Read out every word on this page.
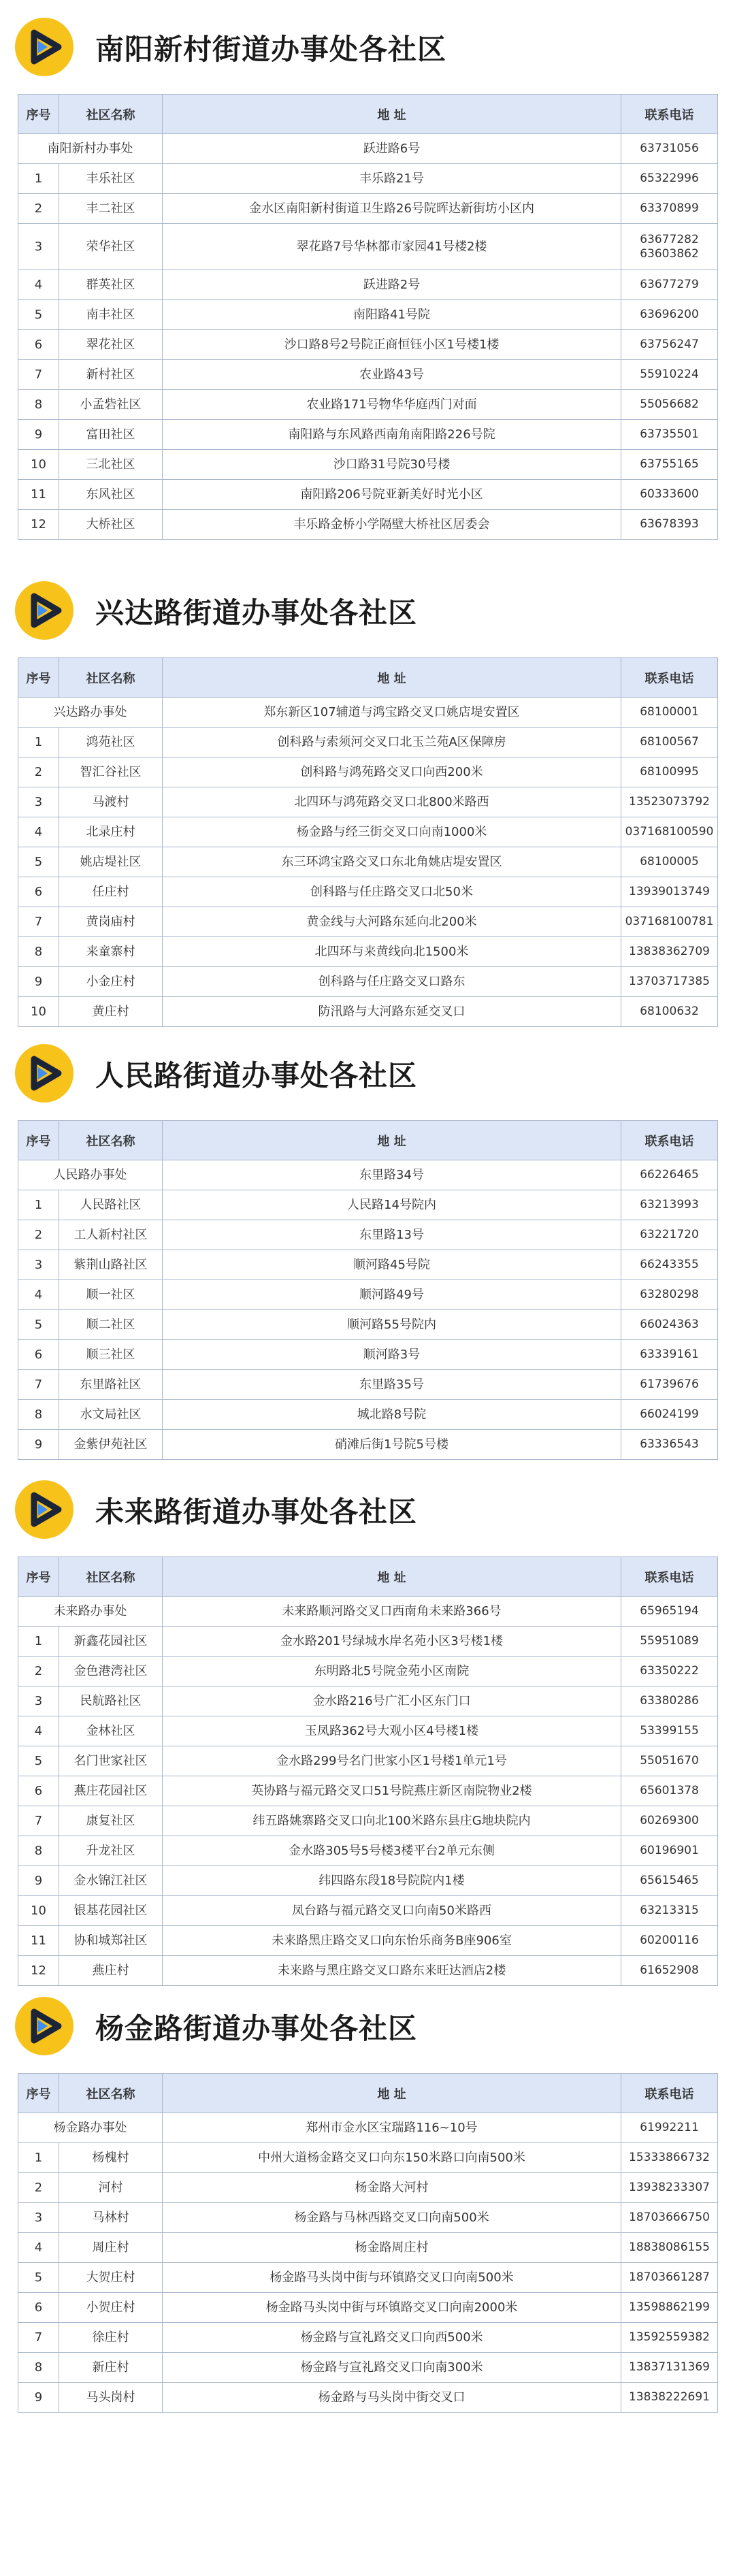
南阳新村街道办事处各社区
序号	社区名称	地 址	联系电话
南阳新村办事处		跃进路6号	63731056
1	丰乐社区	丰乐路21号	65322996

2	丰二社区	金水区南阳新村街道卫生路26号院晖达新街坊小区内	63370899

3	荣华社区	翠花路7号华林都市家园41号楼2楼	63677282
63603862

4	群英社区	跃进路2号	63677279

5	南丰社区	南阳路41号院	63696200

6	翠花社区	沙口路8号2号院正商恒钰小区1号楼1楼	63756247

7	新村社区	农业路43号	55910224

8	小孟砦社区	农业路171号物华华庭西门对面	55056682

9	富田社区	南阳路与东风路西南角南阳路226号院	63735501

10	三北社区	沙口路31号院30号楼	63755165

11	东风社区	南阳路206号院亚新美好时光小区	60333600

12	大桥社区	丰乐路金桥小学隔壁大桥社区居委会	63678393
兴达路街道办事处各社区
序号	社区名称	地 址	联系电话
兴达路办事处		郑东新区107辅道与鸿宝路交叉口姚店堤安置区	68100001
1	鸿苑社区	创科路与索须河交叉口北玉兰苑A区保障房	68100567

2	智汇谷社区	创科路与鸿苑路交叉口向西200米	68100995

3	马渡村	北四环与鸿苑路交叉口北800米路西	13523073792

4	北录庄村	杨金路与经三街交叉口向南1000米	037168100590

5	姚店堤社区	东三环鸿宝路交叉口东北角姚店堤安置区	68100005

6	任庄村	创科路与任庄路交叉口北50米	13939013749

7	黄岗庙村	黄金线与大河路东延向北200米	037168100781

8	来童寨村	北四环与来黄线向北1500米	13838362709

9	小金庄村	创科路与任庄路交叉口路东	13703717385

10	黄庄村	防汛路与大河路东延交叉口	68100632
人民路街道办事处各社区
序号	社区名称	地 址	联系电话
人民路办事处		东里路34号	66226465
1	人民路社区	人民路14号院内	63213993

2	工人新村社区	东里路13号	63221720

3	紫荆山路社区	顺河路45号院	66243355

4	顺一社区	顺河路49号	63280298

5	顺二社区	顺河路55号院内	66024363

6	顺三社区	顺河路3号	63339161

7	东里路社区	东里路35号	61739676

8	水文局社区	城北路8号院	66024199

9	金紫伊苑社区	硝滩后街1号院5号楼	63336543
未来路街道办事处各社区
序号	社区名称	地 址	联系电话
未来路办事处		未来路顺河路交叉口西南角未来路366号	65965194
1	新鑫花园社区	金水路201号绿城水岸名苑小区3号楼1楼	55951089

2	金色港湾社区	东明路北5号院金苑小区南院	63350222

3	民航路社区	金水路216号广汇小区东门口	63380286

4	金林社区	玉凤路362号大观小区4号楼1楼	53399155

5	名门世家社区	金水路299号名门世家小区1号楼1单元1号	55051670

6	燕庄花园社区	英协路与福元路交叉口51号院燕庄新区南院物业2楼	65601378

7	康复社区	纬五路姚寨路交叉口向北100米路东县庄G地块院内	60269300

8	升龙社区	金水路305号5号楼3楼平台2单元东侧	60196901

9	金水锦江社区	纬四路东段18号院院内1楼	65615465

10	银基花园社区	凤台路与福元路交叉口向南50米路西	63213315

11	协和城郑社区	未来路黑庄路交叉口向东怡乐商务B座906室	60200116

12	燕庄村	未来路与黑庄路交叉口路东来旺达酒店2楼	61652908
杨金路街道办事处各社区
序号	社区名称	地 址	联系电话
杨金路办事处		郑州市金水区宝瑞路116~10号	61992211
1	杨槐村	中州大道杨金路交叉口向东150米路口向南500米	15333866732

2	河村	杨金路大河村	13938233307

3	马林村	杨金路与马林西路交叉口向南500米	18703666750

4	周庄村	杨金路周庄村	18838086155

5	大贺庄村	杨金路马头岗中街与环镇路交叉口向南500米	18703661287

6	小贺庄村	杨金路马头岗中街与环镇路交叉口向南2000米	13598862199

7	徐庄村	杨金路与宣礼路交叉口向西500米	13592559382

8	新庄村	杨金路与宣礼路交叉口向南300米	13837131369

9	马头岗村	杨金路与马头岗中街交叉口	13838222691
